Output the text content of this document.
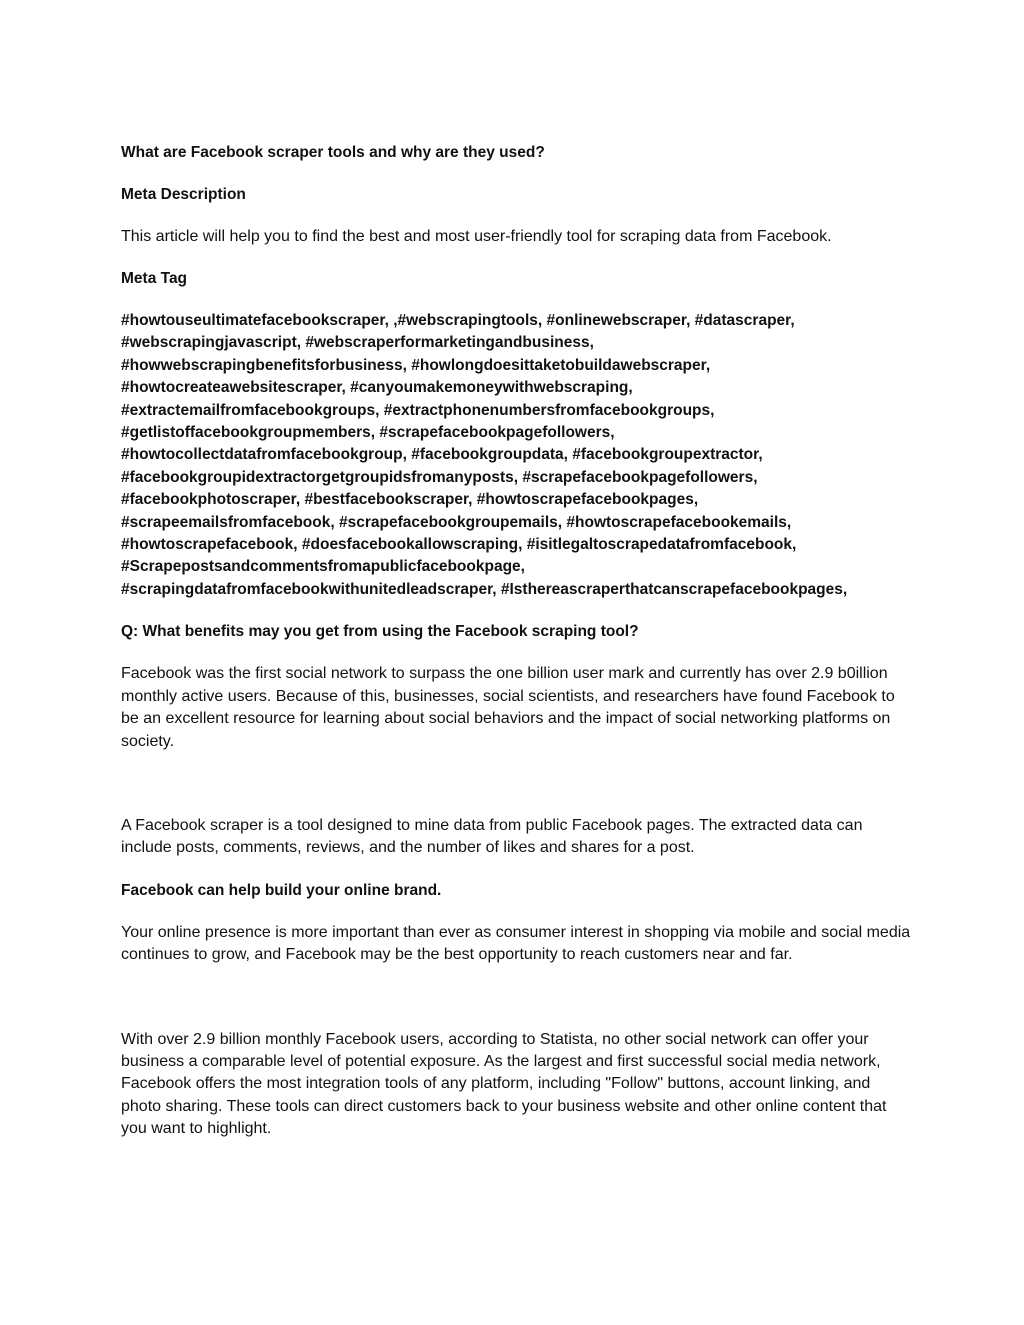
What are Facebook scraper tools and why are they used?

Meta Description

This article will help you to find the best and most user-friendly tool for scraping data from Facebook.

Meta Tag

#howtouseultimatefacebookscraper, ,#webscrapingtools, #onlinewebscraper, #datascraper,
#webscrapingjavascript, #webscraperformarketingandbusiness,
#howwebscrapingbenefitsforbusiness, #howlongdoesittaketobuildawebscraper,
#howtocreateawebsitescraper, #canyoumakemoneywithwebscraping,
#extractemailfromfacebookgroups, #extractphonenumbersfromfacebookgroups,
#getlistoffacebookgroupmembers, #scrapefacebookpagefollowers,
#howtocollectdatafromfacebookgroup, #facebookgroupdata, #facebookgroupextractor,
#facebookgroupidextractorgetgroupidsfromanyposts, #scrapefacebookpagefollowers,
#facebookphotoscraper, #bestfacebookscraper, #howtoscrapefacebookpages,
#scrapeemailsfromfacebook, #scrapefacebookgroupemails, #howtoscrapefacebookemails,
#howtoscrapefacebook, #doesfacebookallowscraping, #isitlegaltoscrapedatafromfacebook,
#Scrapepostsandcommentsfromapublicfacebookpage,
#scrapingdatafromfacebookwithunitedleadscraper, #Isthereascraperthatcanscrapefacebookpages,

Q: What benefits may you get from using the Facebook scraping tool?

Facebook was the first social network to surpass the one billion user mark and currently has over 2.9 b0illion monthly active users. Because of this, businesses, social scientists, and researchers have found Facebook to be an excellent resource for learning about social behaviors and the impact of social networking platforms on society.

A Facebook scraper is a tool designed to mine data from public Facebook pages. The extracted data can include posts, comments, reviews, and the number of likes and shares for a post.

Facebook can help build your online brand.

Your online presence is more important than ever as consumer interest in shopping via mobile and social media continues to grow, and Facebook may be the best opportunity to reach customers near and far.

With over 2.9 billion monthly Facebook users, according to Statista, no other social network can offer your business a comparable level of potential exposure. As the largest and first successful social media network, Facebook offers the most integration tools of any platform, including "Follow" buttons, account linking, and photo sharing. These tools can direct customers back to your business website and other online content that you want to highlight.
